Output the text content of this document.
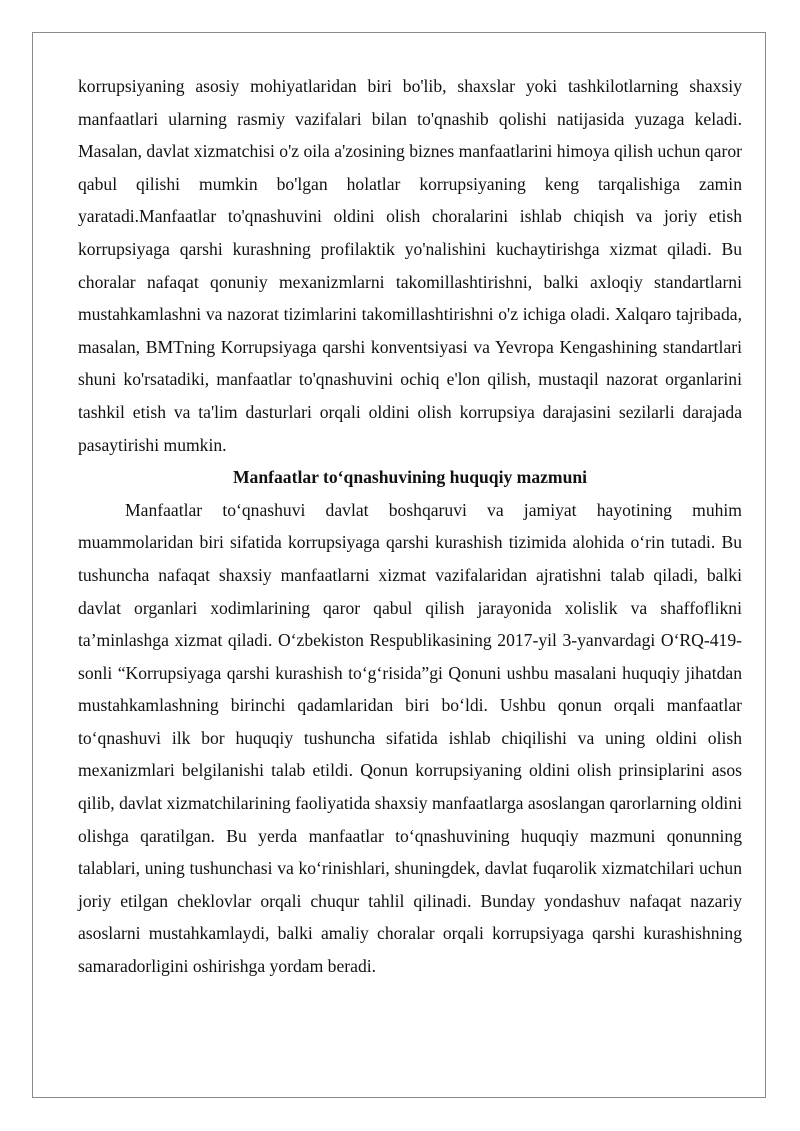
korrupsiyaning asosiy mohiyatlaridan biri bo'lib, shaxslar yoki tashkilotlarning shaxsiy manfaatlari ularning rasmiy vazifalari bilan to'qnashib qolishi natijasida yuzaga keladi. Masalan, davlat xizmatchisi o'z oila a'zosining biznes manfaatlarini himoya qilish uchun qaror qabul qilishi mumkin bo'lgan holatlar korrupsiyaning keng tarqalishiga zamin yaratadi.Manfaatlar to'qnashuvini oldini olish choralarini ishlab chiqish va joriy etish korrupsiyaga qarshi kurashning profilaktik yo'nalishini kuchaytirishga xizmat qiladi. Bu choralar nafaqat qonuniy mexanizmlarni takomillashtirishni, balki axloqiy standartlarni mustahkamlashni va nazorat tizimlarini takomillashtirishni o'z ichiga oladi. Xalqaro tajribada, masalan, BMTning Korrupsiyaga qarshi konventsiyasi va Yevropa Kengashining standartlari shuni ko'rsatadiki, manfaatlar to'qnashuvini ochiq e'lon qilish, mustaqil nazorat organlarini tashkil etish va ta'lim dasturlari orqali oldini olish korrupsiya darajasini sezilarli darajada pasaytirishi mumkin.

Manfaatlar to‘qnashuvining huquqiy mazmuni

Manfaatlar to‘qnashuvi davlat boshqaruvi va jamiyat hayotining muhim muammolaridan biri sifatida korrupsiyaga qarshi kurashish tizimida alohida o‘rin tutadi. Bu tushuncha nafaqat shaxsiy manfaatlarni xizmat vazifalaridan ajratishni talab qiladi, balki davlat organlari xodimlarining qaror qabul qilish jarayonida xolislik va shaffoflikni ta’minlashga xizmat qiladi. O‘zbekiston Respublikasining 2017-yil 3-yanvardagi O‘RQ-419-sonli “Korrupsiyaga qarshi kurashish to‘g‘risida”gi Qonuni ushbu masalani huquqiy jihatdan mustahkamlashning birinchi qadamlaridan biri bo‘ldi. Ushbu qonun orqali manfaatlar to‘qnashuvi ilk bor huquqiy tushuncha sifatida ishlab chiqilishi va uning oldini olish mexanizmlari belgilanishi talab etildi. Qonun korrupsiyaning oldini olish prinsiplarini asos qilib, davlat xizmatchilarining faoliyatida shaxsiy manfaatlarga asoslangan qarorlarning oldini olishga qaratilgan. Bu yerda manfaatlar to‘qnashuvining huquqiy mazmuni qonunning talablari, uning tushunchasi va ko‘rinishlari, shuningdek, davlat fuqarolik xizmatchilari uchun joriy etilgan cheklovlar orqali chuqur tahlil qilinadi. Bunday yondashuv nafaqat nazariy asoslarni mustahkamlaydi, balki amaliy choralar orqali korrupsiyaga qarshi kurashishning samaradorligini oshirishga yordam beradi.
